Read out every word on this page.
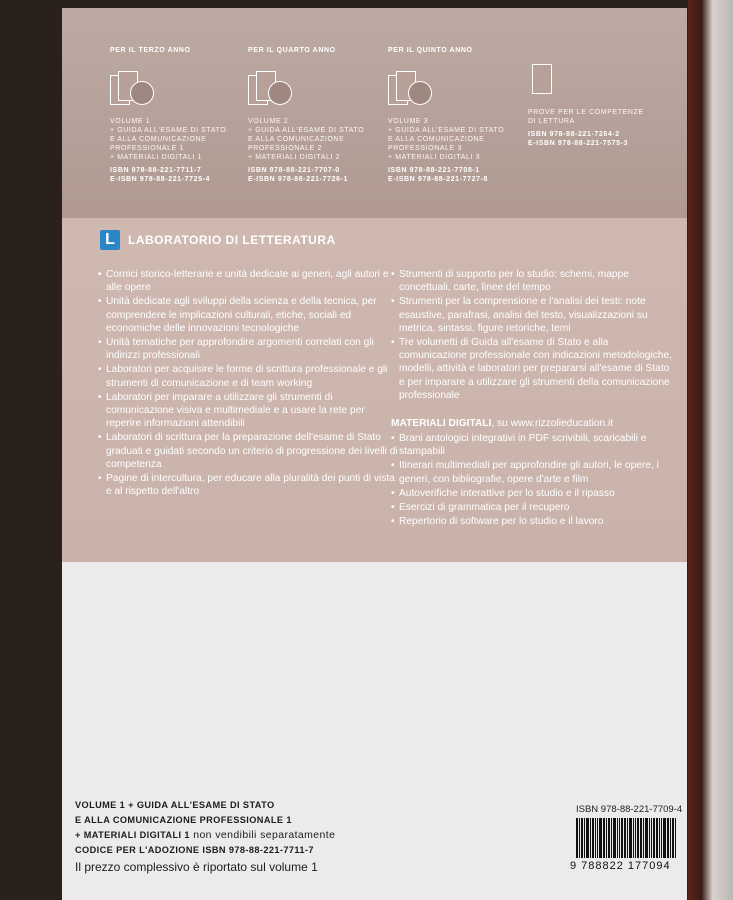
PER IL TERZO ANNO
VOLUME 1
+ GUIDA ALL'ESAME DI STATO
E ALLA COMUNICAZIONE
PROFESSIONALE 1
+ MATERIALI DIGITALI 1
ISBN 978-88-221-7711-7
E-ISBN 978-88-221-7725-4
PER IL QUARTO ANNO
VOLUME 2
+ GUIDA ALL'ESAME DI STATO
E ALLA COMUNICAZIONE
PROFESSIONALE 2
+ MATERIALI DIGITALI 2
ISBN 978-88-221-7707-0
E-ISBN 978-88-221-7726-1
PER IL QUINTO ANNO
VOLUME 3
+ GUIDA ALL'ESAME DI STATO
E ALLA COMUNICAZIONE
PROFESSIONALE 3
+ MATERIALI DIGITALI 3
ISBN 978-88-221-7708-1
E-ISBN 978-88-221-7727-8
PROVE PER LE COMPETENZE
DI LETTURA
ISBN 978-88-221-7264-2
E-ISBN 978-88-221-7575-3
L	LABORATORIO DI LETTERATURA
• Cornici storico-letterarie e unità dedicate ai generi, agli autori e alle opere
• Unità dedicate agli sviluppi della scienza e della tecnica, per comprendere le implicazioni culturali, etiche, sociali ed economiche delle innovazioni tecnologiche
• Unità tematiche per approfondire argomenti correlati con gli indirizzi professionali
• Laboratori per acquisire le forme di scrittura professionale e gli strumenti di comunicazione e di team working
• Laboratori per imparare a utilizzare gli strumenti di comunicazione visiva e multimediale e a usare la rete per reperire informazioni attendibili
• Laboratori di scrittura per la preparazione dell'esame di Stato graduati e guidati secondo un criterio di progressione dei livelli di competenza
• Pagine di intercultura, per educare alla pluralità dei punti di vista e al rispetto dell'altro
• Strumenti di supporto per lo studio: schemi, mappe concettuali, carte, linee del tempo
• Strumenti per la comprensione e l'analisi dei testi: note esaustive, parafrasi, analisi del testo, visualizzazioni su metrica, sintassi, figure retoriche, temi
• Tre volumetti di Guida all'esame di Stato e alla comunicazione professionale con indicazioni metodologiche, modelli, attività e laboratori per prepararsi all'esame di Stato e per imparare a utilizzare gli strumenti della comunicazione professionale
MATERIALI DIGITALI, su www.rizzolieducation.it
• Brani antologici integrativi in PDF scrivibili, scaricabili e stampabili
• Itinerari multimediali per approfondire gli autori, le opere, i generi, con bibliografie, opere d'arte e film
• Autoverifiche interattive per lo studio e il ripasso
• Esercizi di grammatica per il recupero
• Repertorio di software per lo studio e il lavoro
VOLUME 1 + GUIDA ALL'ESAME DI STATO
E ALLA COMUNICAZIONE PROFESSIONALE 1
+ MATERIALI DIGITALI 1 non vendibili separatamente
CODICE PER L'ADOZIONE ISBN 978-88-221-7711-7
Il prezzo complessivo è riportato sul volume 1
ISBN 978-88-221-7709-4
9 788822 177094
